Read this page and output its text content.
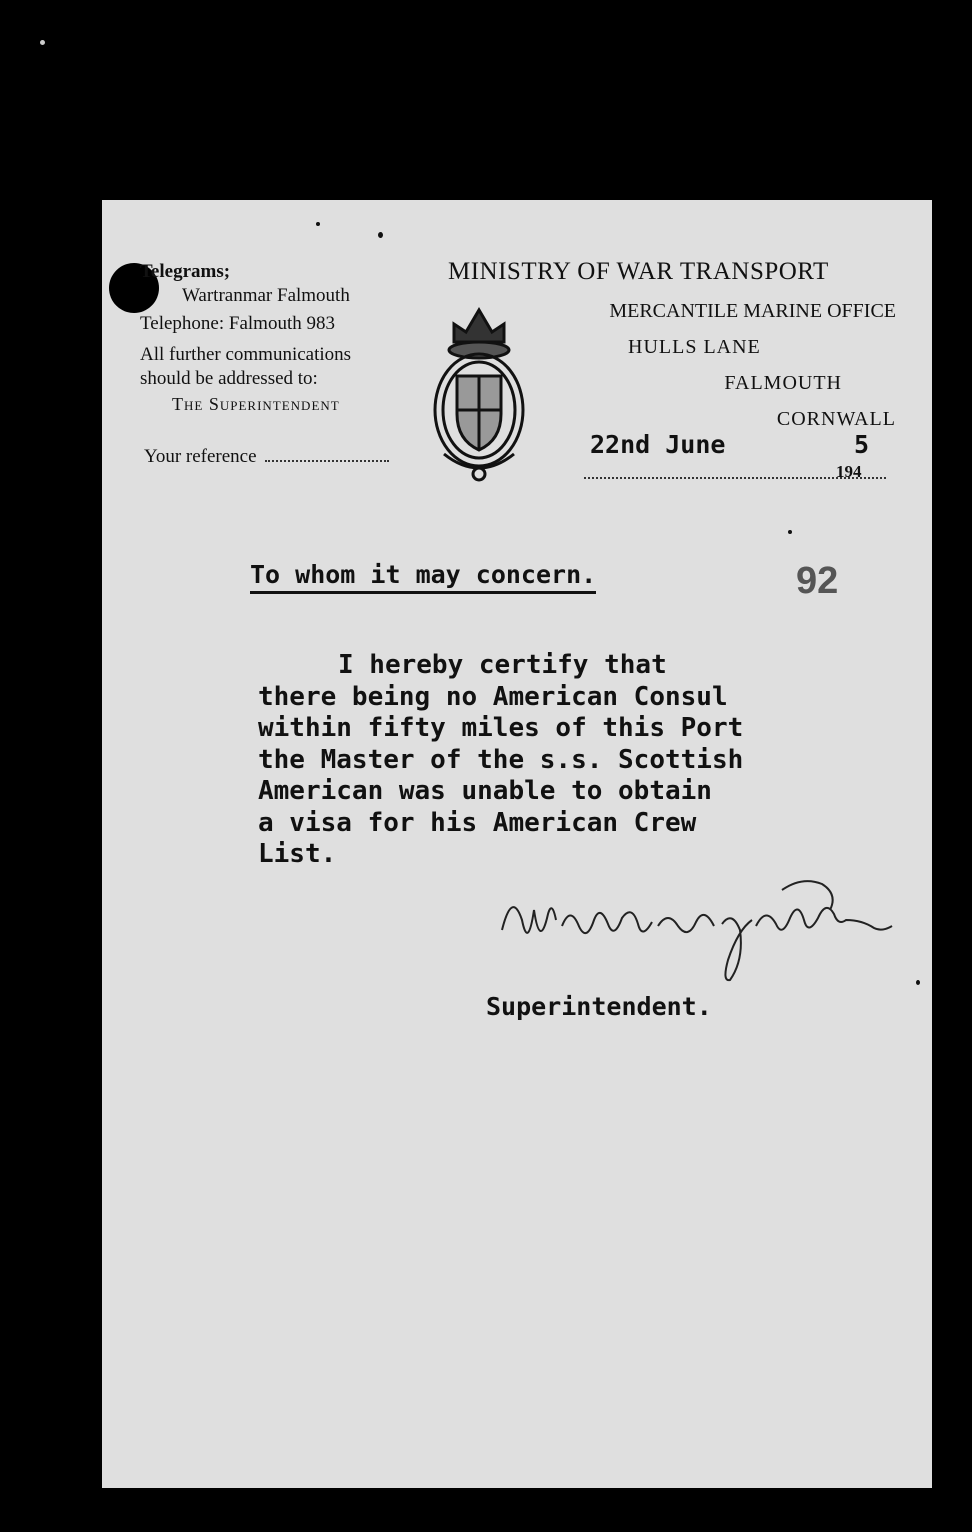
Telegrams;
Wartranmar Falmouth
Telephone: Falmouth 983
All further communications
should be addressed to:
The Superintendent
Your reference
MINISTRY OF WAR TRANSPORT
MERCANTILE MARINE OFFICE
HULLS LANE
FALMOUTH
CORNWALL
22nd June	5
194
To whom it may concern.	92
I hereby certify that
there being no American Consul
within fifty miles of this Port
the Master of the s.s. Scottish
American was unable to obtain
a visa for his American Crew
List.
Superintendent.
